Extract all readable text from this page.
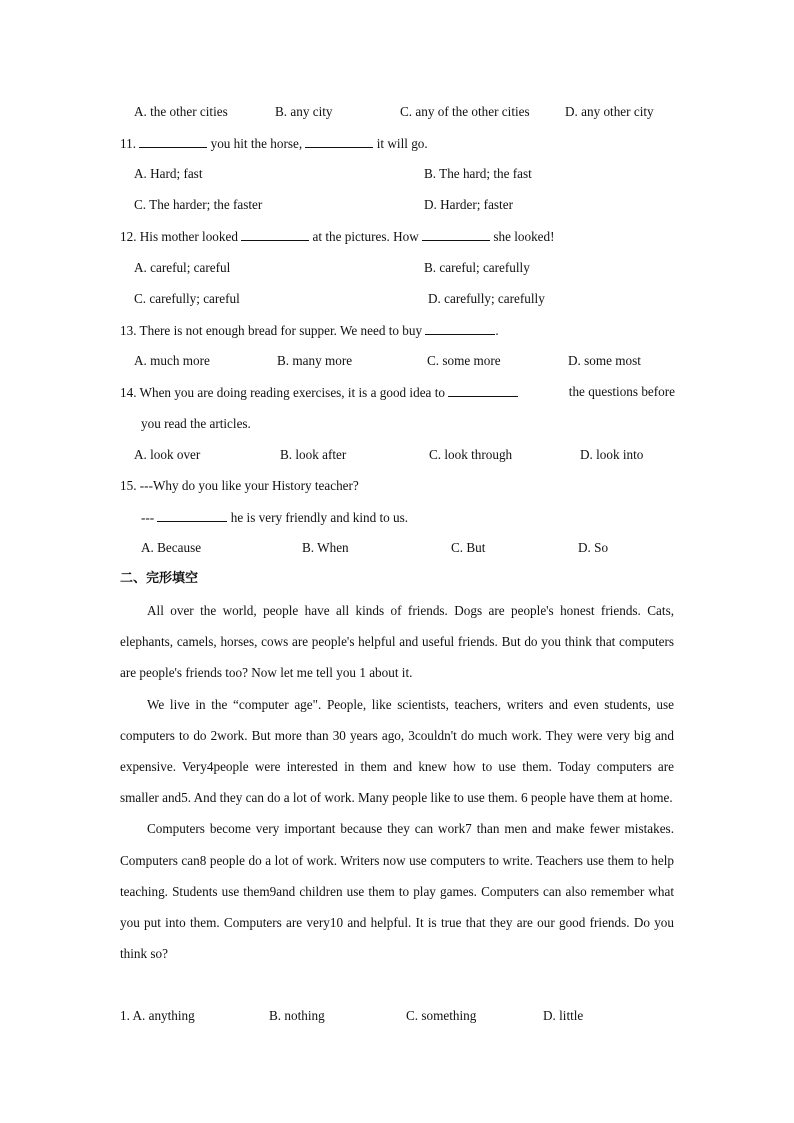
A. the other cities	B. any city	C. any of the other cities	D. any other city
11.	you hit the horse,	it will go.
A. Hard; fast	B. The hard; the fast
C. The harder; the faster	D. Harder; faster
12. His mother looked	at the pictures. How	she looked!
A. careful; careful	B. careful; carefully
C. carefully; careful	D. carefully; carefully
13. There is not enough bread for supper. We need to buy	.
A. much more	B. many more	C. some more	D. some most
14. When you are doing reading exercises, it is a good idea to	the questions before
you read the articles.
A. look over	B. look after	C. look through	D. look into
15. ---Why do you like your History teacher?
---	he is very friendly and kind to us.
A. Because	B. When	C. But	D. So
二、完形填空

All over the world, people have all kinds of friends. Dogs are people's honest friends. Cats, elephants, camels, horses, cows are people's helpful and useful friends. But do you think that computers are people's friends too? Now let me tell you 1 about it.

We live in the “computer age". People, like scientists, teachers, writers and even students, use computers to do 2work. But more than 30 years ago, 3couldn't do much work. They were very big and expensive. Very4people were interested in them and knew how to use them. Today computers are smaller and5. And they can do a lot of work. Many people like to use them. 6 people have them at home.

Computers become very important because they can work7 than men and make fewer mistakes. Computers can8 people do a lot of work. Writers now use computers to write. Teachers use them to help teaching. Students use them9and children use them to play games. Computers can also remember what you put into them. Computers are very10 and helpful. It is true that they are our good friends. Do you think so?

1. A. anything	B. nothing	C. something	D. little
